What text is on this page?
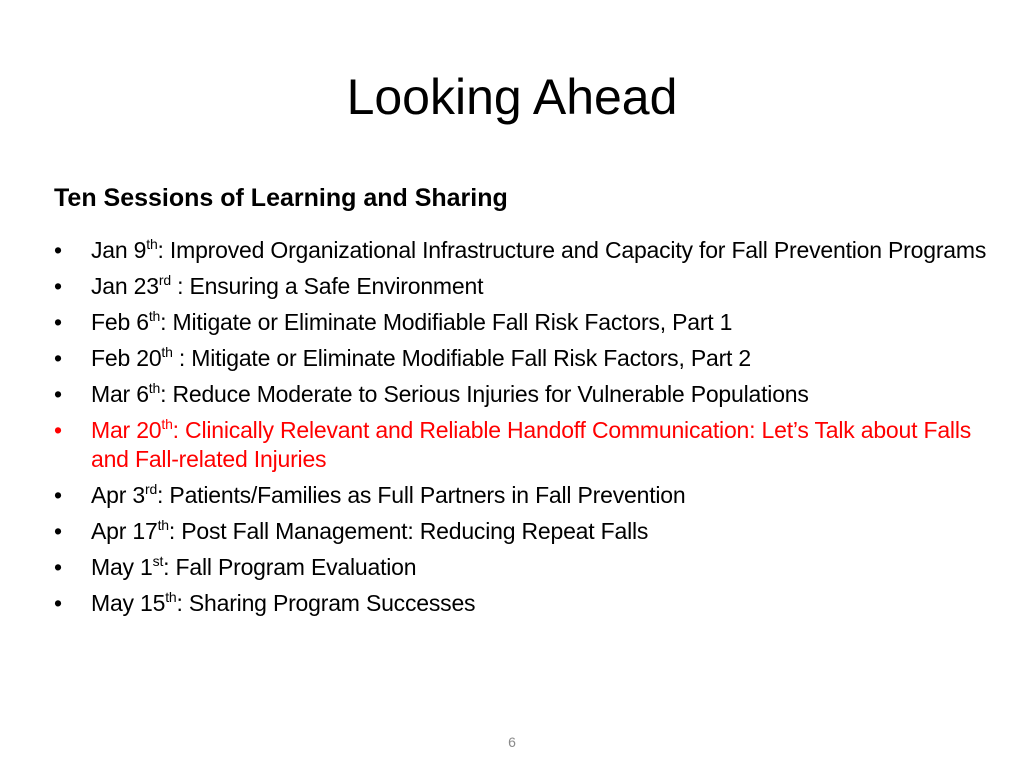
Looking Ahead
Ten Sessions of Learning and Sharing
• Jan 9th: Improved Organizational Infrastructure and Capacity for Fall Prevention Programs
• Jan 23rd : Ensuring a Safe Environment
• Feb 6th: Mitigate or Eliminate Modifiable Fall Risk Factors, Part 1
• Feb 20th : Mitigate or Eliminate Modifiable Fall Risk Factors, Part 2
• Mar 6th: Reduce Moderate to Serious Injuries for Vulnerable Populations
• Mar 20th: Clinically Relevant and Reliable Handoff Communication: Let’s Talk about Falls and Fall-related Injuries
• Apr 3rd: Patients/Families as Full Partners in Fall Prevention
• Apr 17th: Post Fall Management: Reducing Repeat Falls
• May 1st: Fall Program Evaluation
• May 15th: Sharing Program Successes
6
